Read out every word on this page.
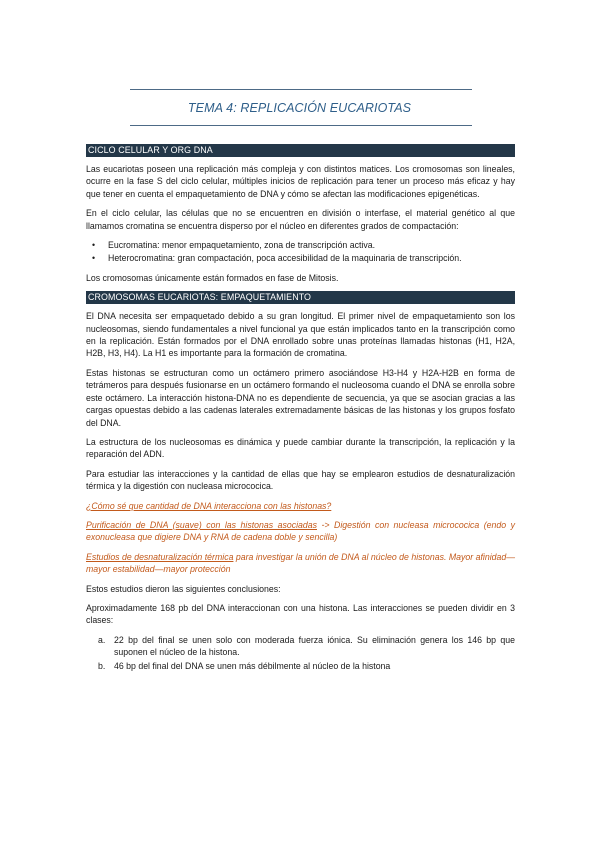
TEMA 4: REPLICACIÓN EUCARIOTAS
CICLO CELULAR Y ORG DNA

Las eucariotas poseen una replicación más compleja y con distintos matices. Los cromosomas son lineales, ocurre en la fase S del ciclo celular, múltiples inicios de replicación para tener un proceso más eficaz y hay que tener en cuenta el empaquetamiento de DNA y cómo se afectan las modificaciones epigenéticas.

En el ciclo celular, las células que no se encuentren en división o interfase, el material genético al que llamamos cromatina se encuentra disperso por el núcleo en diferentes grados de compactación:

• Eucromatina: menor empaquetamiento, zona de transcripción activa.
• Heterocromatina: gran compactación, poca accesibilidad de la maquinaria de transcripción.

Los cromosomas únicamente están formados en fase de Mitosis.

CROMOSOMAS EUCARIOTAS: EMPAQUETAMIENTO

El DNA necesita ser empaquetado debido a su gran longitud. El primer nivel de empaquetamiento son los nucleosomas, siendo fundamentales a nivel funcional ya que están implicados tanto en la transcripción como en la replicación. Están formados por el DNA enrollado sobre unas proteínas llamadas histonas (H1, H2A, H2B, H3, H4). La H1 es importante para la formación de cromatina.

Estas histonas se estructuran como un octámero primero asociándose H3-H4 y H2A-H2B en forma de tetrámeros para después fusionarse en un octámero formando el nucleosoma cuando el DNA se enrolla sobre este octámero. La interacción histona-DNA no es dependiente de secuencia, ya que se asocian gracias a las cargas opuestas debido a las cadenas laterales extremadamente básicas de las histonas y los grupos fosfato del DNA.

La estructura de los nucleosomas es dinámica y puede cambiar durante la transcripción, la replicación y la reparación del ADN.

Para estudiar las interacciones y la cantidad de ellas que hay se emplearon estudios de desnaturalización térmica y la digestión con nucleasa micrococica.

¿Cómo sé que cantidad de DNA interacciona con las histonas?

Purificación de DNA (suave) con las histonas asociadas -> Digestión con nucleasa micrococica (endo y exonucleasa que digiere DNA y RNA de cadena doble y sencilla)

Estudios de desnaturalización térmica para investigar la unión de DNA al núcleo de histonas. Mayor afinidad—mayor estabilidad—mayor protección

Estos estudios dieron las siguientes conclusiones:

Aproximadamente 168 pb del DNA interaccionan con una histona. Las interacciones se pueden dividir en 3 clases:

a. 22 bp del final se unen solo con moderada fuerza iónica. Su eliminación genera los 146 bp que suponen el núcleo de la histona.
b. 46 bp del final del DNA se unen más débilmente al núcleo de la histona
